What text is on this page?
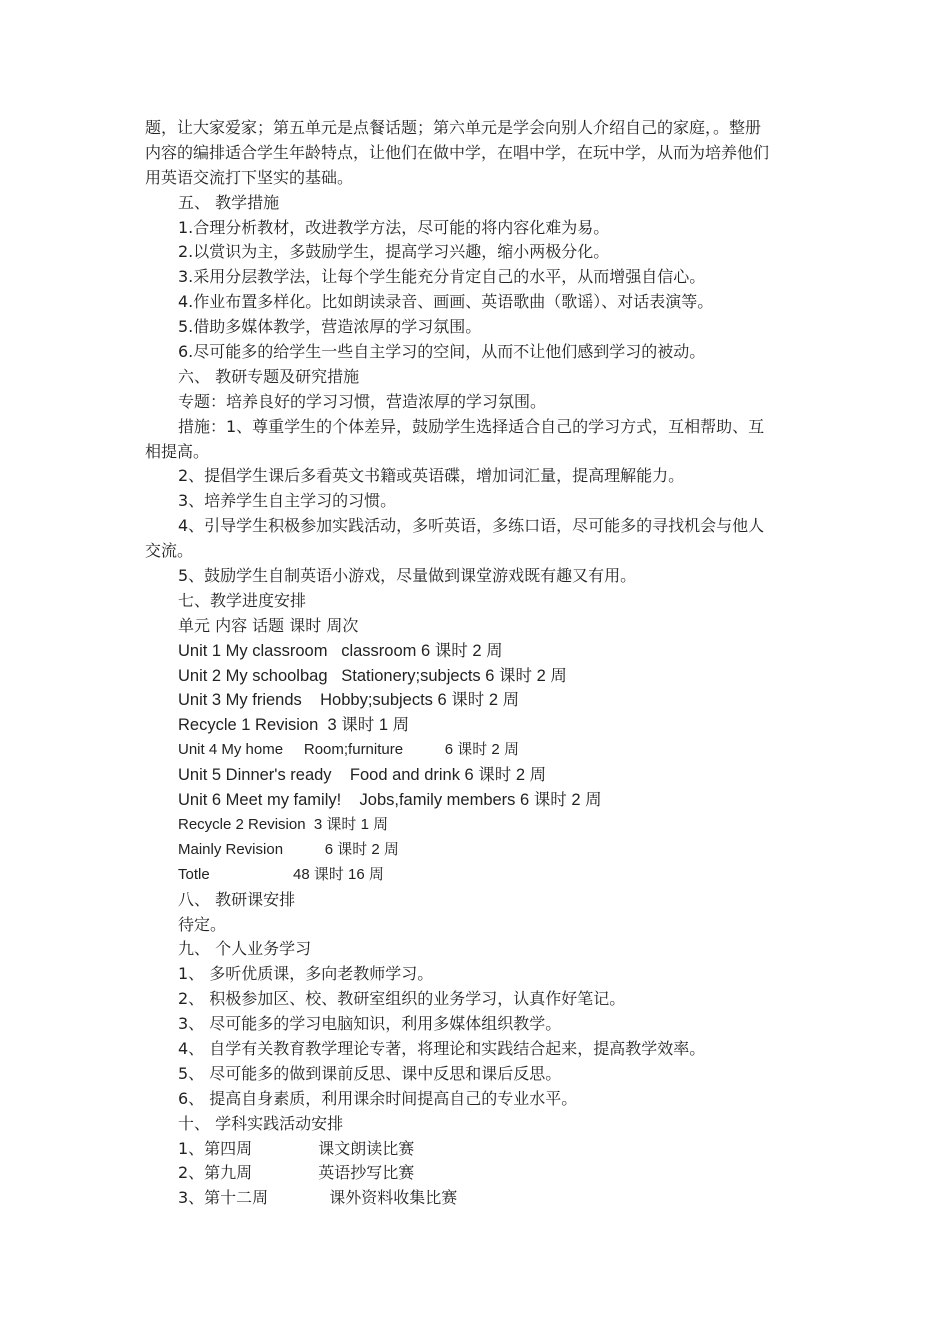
题，让大家爱家；第五单元是点餐话题；第六单元是学会向别人介绍自己的家庭，。整册
内容的编排适合学生年龄特点，让他们在做中学，在唱中学，在玩中学，从而为培养他们
用英语交流打下坚实的基础。
五、 教学措施
1.合理分析教材，改进教学方法，尽可能的将内容化难为易。
2.以赏识为主，多鼓励学生，提高学习兴趣，缩小两极分化。
3.采用分层教学法，让每个学生能充分肯定自己的水平，从而增强自信心。
4.作业布置多样化。比如朗读录音、画画、英语歌曲（歌谣）、对话表演等。
5.借助多媒体教学，营造浓厚的学习氛围。
6.尽可能多的给学生一些自主学习的空间，从而不让他们感到学习的被动。
六、 教研专题及研究措施
专题：培养良好的学习习惯，营造浓厚的学习氛围。
措施：1、尊重学生的个体差异，鼓励学生选择适合自己的学习方式，互相帮助、互
相提高。
2、提倡学生课后多看英文书籍或英语碟，增加词汇量，提高理解能力。
3、培养学生自主学习的习惯。
4、引导学生积极参加实践活动，多听英语，多练口语，尽可能多的寻找机会与他人
交流。
5、鼓励学生自制英语小游戏，尽量做到课堂游戏既有趣又有用。
七、教学进度安排
单元 内容 话题 课时 周次
Unit 1 My classroom   classroom 6 课时 2 周
Unit 2 My schoolbag   Stationery;subjects 6 课时 2 周
Unit 3 My friends    Hobby;subjects 6 课时 2 周
Recycle 1 Revision  3 课时 1 周
Unit 4 My home     Room;furniture          6 课时 2 周
Unit 5 Dinner's ready    Food and drink 6 课时 2 周
Unit 6 Meet my family!    Jobs,family members 6 课时 2 周
Recycle 2 Revision  3 课时 1 周
Mainly Revision          6 课时 2 周
Totle                    48 课时 16 周
八、 教研课安排
待定。
九、 个人业务学习
1、 多听优质课，多向老教师学习。
2、 积极参加区、校、教研室组织的业务学习，认真作好笔记。
3、 尽可能多的学习电脑知识，利用多媒体组织教学。
4、 自学有关教育教学理论专著，将理论和实践结合起来，提高教学效率。
5、 尽可能多的做到课前反思、课中反思和课后反思。
6、 提高自身素质，利用课余时间提高自己的专业水平。
十、 学科实践活动安排
1、第四周             课文朗读比赛
2、第九周             英语抄写比赛
3、第十二周            课外资料收集比赛
